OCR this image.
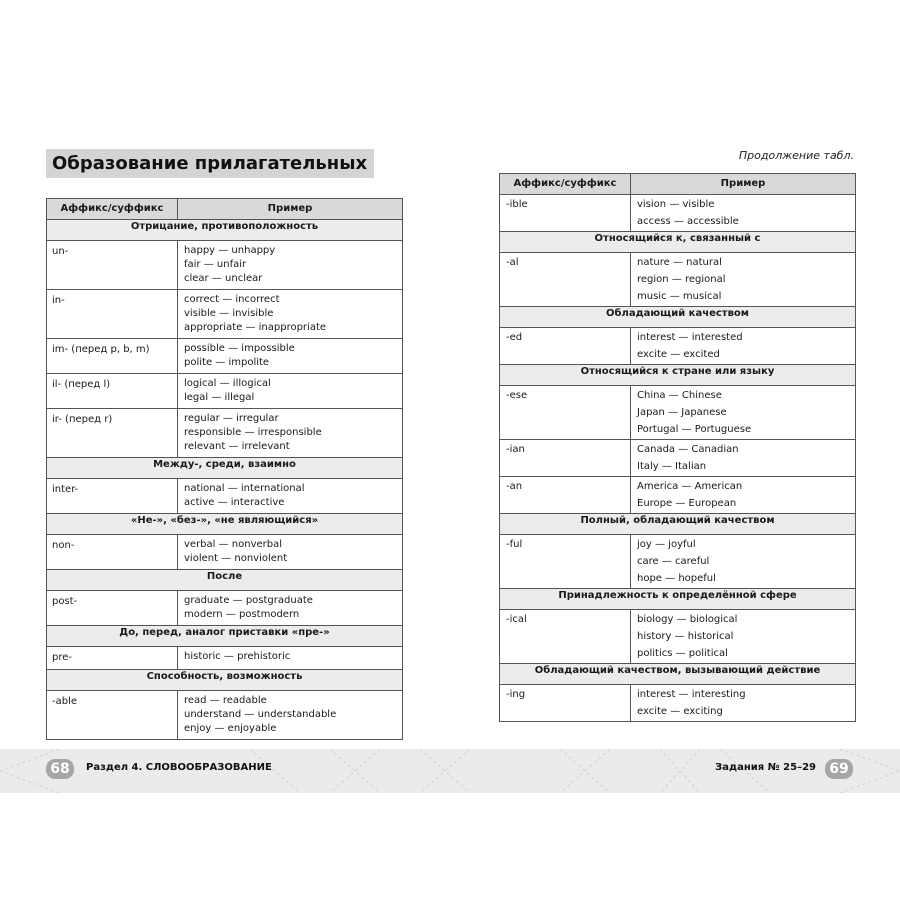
Образование прилагательных	Продолжение табл.
Аффикс/суффикс	Пример
Отрицание, противоположность	
un-	happy — unhappy
fair — unfair
clear — unclear

in-	correct — incorrect
visible — invisible
appropriate — inappropriate

im- (перед p, b, m)	possible — impossible
polite — impolite

il- (перед l)	logical — illogical
legal — illegal

ir- (перед r)	regular — irregular
responsible — irresponsible
relevant — irrelevant

Между-, среди, взаимно	
inter-	national — international
active — interactive

«Не-», «без-», «не являющийся»	
non-	verbal — nonverbal
violent — nonviolent

После	
post-	graduate — postgraduate
modern — postmodern

До, перед, аналог приставки «пре-»	
pre-	historic — prehistoric

Способность, возможность	
-able	read — readable
understand — understandable
enjoy — enjoyable
Аффикс/суффикс	Пример
-ible	vision — visible
access — accessible

Относящийся к, связанный с	
-al	nature — natural
region — regional
music — musical

Обладающий качеством	
-ed	interest — interested
excite — excited

Относящийся к стране или языку	
-ese	China — Chinese
Japan — Japanese
Portugal — Portuguese

-ian	Canada — Canadian
Italy — Italian

-an	America — American
Europe — European

Полный, обладающий качеством	
-ful	joy — joyful
care — careful
hope — hopeful

Принадлежность к определённой сфере	
-ical	biology — biological
history — historical
politics — political

Обладающий качеством, вызывающий действие	
-ing	interest — interesting
excite — exciting
68	Раздел 4. СЛОВООБРАЗОВАНИЕ	Задания № 25–29 69
